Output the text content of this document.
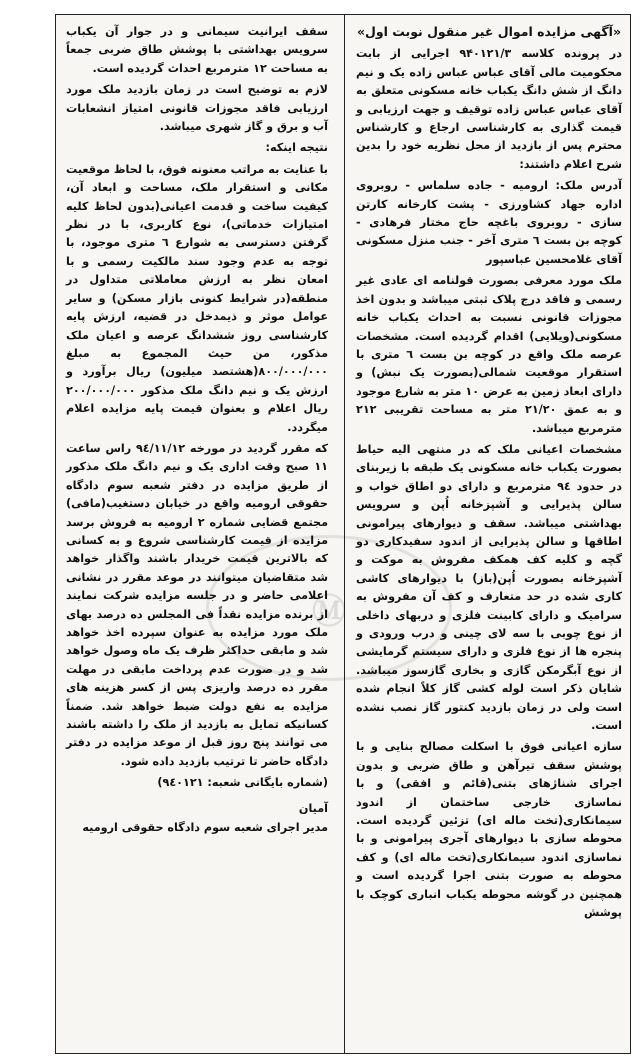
Ⓜ
«آگهی مزایده اموال غیر منقول نوبت اول»

در پرونده کلاسه ۹۴۰۱۲۱/۳ اجرایی از بابت محکومیت مالی آقای عباس عباس زاده یک و نیم دانگ از شش دانگ یکباب خانه مسکونی متعلق به آقای عباس عباس زاده توقیف و جهت ارزیابی و قیمت گذاری به کارشناسی ارجاع و کارشناس محترم پس از بازدید از محل نظریه خود را بدین شرح اعلام داشتند:

آدرس ملک: ارومیه - جاده سلماس - روبروی اداره جهاد کشاورزی - پشت کارخانه کارتن سازی - روبروی باغچه حاج مختار فرهادی - کوچه بن بست ٦ متری آخر - جنب منزل مسکونی آقای غلامحسین عباسپور

ملک مورد معرفی بصورت قولنامه ای عادی غیر رسمی و فاقد درج پلاک ثبتی میباشد و بدون اخذ مجوزات قانونی نسبت به احداث یکباب خانه مسکونی(ویلایی) اقدام گردیده است. مشخصات عرصه ملک واقع در کوچه بن بست ٦ متری با استقرار موقعیت شمالی(بصورت یک نبش) و دارای ابعاد زمین به عرض ۱۰ متر به شارع موجود و به عمق ۲۱/۲۰ متر به مساحت تقریبی ۲۱۲ مترمربع میباشد.

مشخصات اعیانی ملک که در منتهی الیه حیاط بصورت یکباب خانه مسکونی یک طبقه با زیربنای در حدود ۹٤ مترمربع و دارای دو اطاق خواب و سالن پذیرایی و آشپزخانه اُپن و سرویس بهداشتی میباشد. سقف و دیوارهای پیرامونی اطاقها و سالن پذیرایی از اندود سفیدکاری دو گچه و کلیه کف همکف مفروش به موکت و آشپزخانه بصورت اُپن(باز) با دیوارهای کاشی کاری شده در حد متعارف و کف آن مفروش به سرامیک و دارای کابینت فلزی و دربهای داخلی از نوع چوبی با سه لای چینی و درب ورودی و پنجره ها از نوع فلزی و دارای سیستم گرمایشی از نوع آبگرمکن گازی و بخاری گازسوز میباشد. شایان ذکر است لوله کشی گاز کلاً انجام شده است ولی در زمان بازدید کنتور گاز نصب نشده است.

سازه اعیانی فوق با اسکلت مصالح بنایی و با پوشش سقف تیرآهن و طاق ضربی و بدون اجرای شناژهای بتنی(قائم و افقی) و با نماسازی خارجی ساختمان از اندود سیمانکاری(تخت ماله ای) تزئین گردیده است. محوطه سازی با دیوارهای آجری پیرامونی و با نماسازی اندود سیمانکاری(تخت ماله ای) و کف محوطه به صورت بتنی اجرا گردیده است و همچنین در گوشه محوطه یکباب انباری کوچک با پوشش

سقف ایرانیت سیمانی و در جوار آن یکباب سرویس بهداشتی با پوشش طاق ضربی جمعاً به مساحت ۱۲ مترمربع احداث گردیده است.

لازم به توضیح است در زمان بازدید ملک مورد ارزیابی فاقد مجوزات قانونی امتیاز انشعابات آب و برق و گاز شهری میباشد.

نتیجه اینکه:

با عنایت به مراتب معنونه فوق، با لحاظ موقعیت مکانی و استقرار ملک، مساحت و ابعاد آن، کیفیت ساخت و قدمت اعیانی(بدون لحاظ کلیه امتیازات خدماتی)، نوع کاربری، با در نظر گرفتن دسترسی به شوارع ٦ متری موجود، با توجه به عدم وجود سند مالکیت رسمی و با امعان نظر به ارزش معاملاتی متداول در منطقه(در شرایط کنونی بازار مسکن) و سایر عوامل موثر و ذیمدخل در قضیه، ارزش پایه کارشناسی روز ششدانگ عرصه و اعیان ملک مذکور، من حیث المجموع به مبلغ ۸۰۰/۰۰۰/۰۰۰(هشتصد میلیون) ریال برآورد و ارزش یک و نیم دانگ ملک مذکور ۲۰۰/۰۰۰/۰۰۰ ریال اعلام و بعنوان قیمت پایه مزایده اعلام میگردد.

که مقرر گردید در مورخه ۹٤/۱۱/۱۲ راس ساعت ۱۱ صبح وقت اداری یک و نیم دانگ ملک مذکور از طریق مزایده در دفتر شعبه سوم دادگاه حقوقی ارومیه واقع در خیابان دستغیب(مافی) مجتمع قضایی شماره ۲ ارومیه به فروش برسد مزایده از قیمت کارشناسی شروع و به کسانی که بالاترین قیمت خریدار باشند واگذار خواهد شد متقاضیان میتوانند در موعد مقرر در نشانی اعلامی حاضر و در جلسه مزایده شرکت نمایند از برنده مزایده نقداً فی المجلس ده درصد بهای ملک مورد مزایده به عنوان سپرده اخذ خواهد شد و مابقی حداکثر ظرف یک ماه وصول خواهد شد و در صورت عدم پرداخت مابقی در مهلت مقرر ده درصد واریزی پس از کسر هزینه های مزایده به نفع دولت ضبط خواهد شد. ضمناً کسانیکه تمایل به بازدید از ملک را داشته باشند می توانند پنج روز قبل از موعد مزایده در دفتر دادگاه حاضر تا ترتیب بازدید داده شود.

(شماره بایگانی شعبه: ۹٤۰۱۲۱)

آمیان
مدیر اجرای شعبه سوم دادگاه حقوقی ارومیه
